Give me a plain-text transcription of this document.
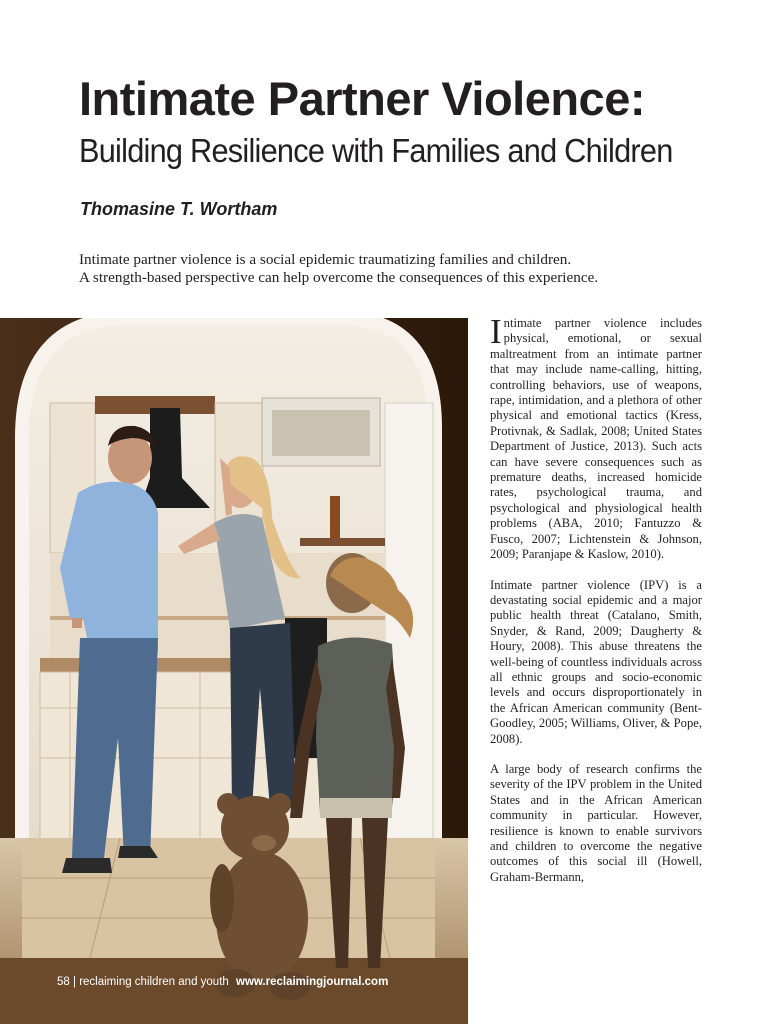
Intimate Partner Violence:
Building Resilience with Families and Children
Thomasine T. Wortham
Intimate partner violence is a social epidemic traumatizing families and children.
A strength-based perspective can help overcome the consequences of this experience.
58 | reclaiming children and youth www.reclaimingjournal.com

Intimate partner violence includes physical, emotional, or sexual maltreatment from an intimate partner that may include name-calling, hitting, controlling behaviors, use of weapons, rape, intimidation, and a plethora of other physical and emotional tactics (Kress, Protivnak, & Sadlak, 2008; United States Department of Justice, 2013). Such acts can have severe consequences such as premature deaths, increased homicide rates, psychological trauma, and psychological and physiological health problems (ABA, 2010; Fantuzzo & Fusco, 2007; Lichtenstein & Johnson, 2009; Paranjape & Kaslow, 2010).

Intimate partner violence (IPV) is a devastating social epidemic and a major public health threat (Catalano, Smith, Snyder, & Rand, 2009; Daugherty & Houry, 2008). This abuse threatens the well-being of countless individuals across all ethnic groups and socio-economic levels and occurs disproportionately in the African American community (Bent-Goodley, 2005; Williams, Oliver, & Pope, 2008).

A large body of research confirms the severity of the IPV problem in the United States and in the African American community in particular. However, resilience is known to enable survivors and children to overcome the negative outcomes of this social ill (Howell, Graham-Bermann,
